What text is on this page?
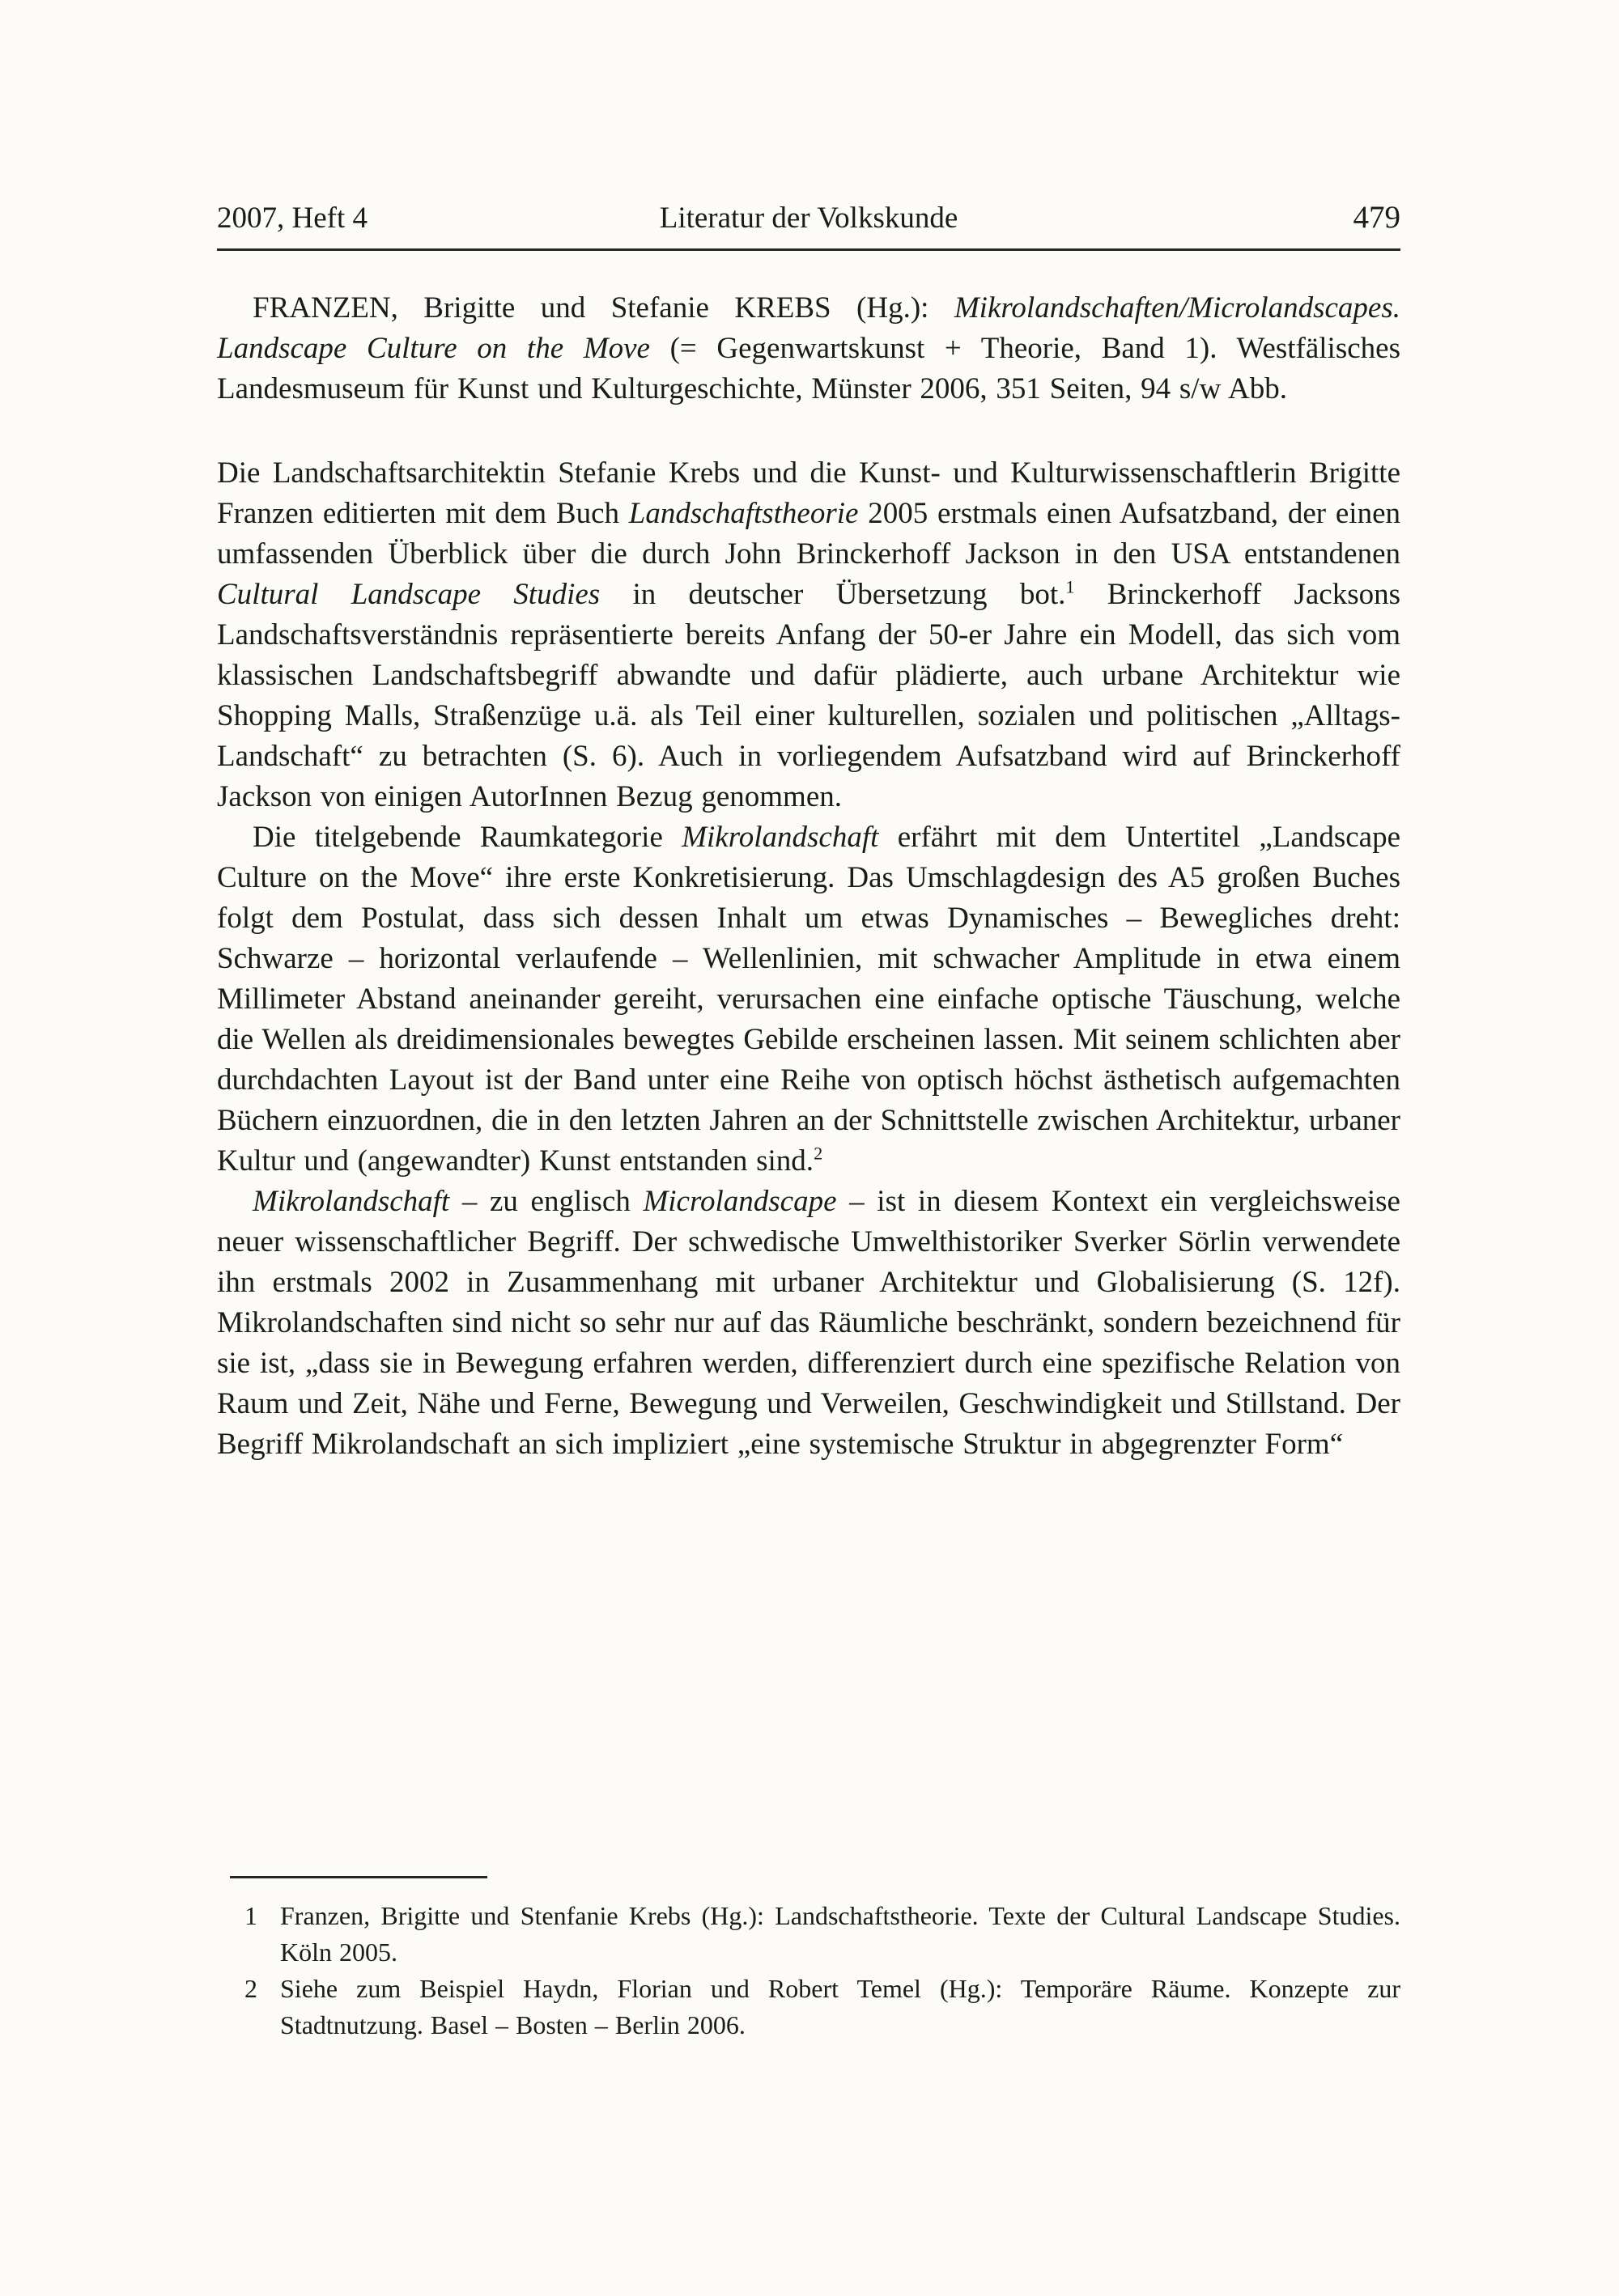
2007, Heft 4	Literatur der Volkskunde	479

FRANZEN, Brigitte und Stefanie KREBS (Hg.): Mikrolandschaften/Microlandscapes. Landscape Culture on the Move (= Gegenwartskunst + Theorie, Band 1). Westfälisches Landesmuseum für Kunst und Kulturgeschichte, Münster 2006, 351 Seiten, 94 s/w Abb.

Die Landschaftsarchitektin Stefanie Krebs und die Kunst- und Kulturwissenschaftlerin Brigitte Franzen editierten mit dem Buch Landschaftstheorie 2005 erstmals einen Aufsatzband, der einen umfassenden Überblick über die durch John Brinckerhoff Jackson in den USA entstandenen Cultural Landscape Studies in deutscher Übersetzung bot.$^1$ Brinckerhoff Jacksons Landschaftsverständnis repräsentierte bereits Anfang der 50-er Jahre ein Modell, das sich vom klassischen Landschaftsbegriff abwandte und dafür plädierte, auch urbane Architektur wie Shopping Malls, Straßenzüge u.ä. als Teil einer kulturellen, sozialen und politischen „Alltags-Landschaft“ zu betrachten (S. 6). Auch in vorliegendem Aufsatzband wird auf Brinckerhoff Jackson von einigen AutorInnen Bezug genommen.

Die titelgebende Raumkategorie Mikrolandschaft erfährt mit dem Untertitel „Landscape Culture on the Move“ ihre erste Konkretisierung. Das Umschlagdesign des A5 großen Buches folgt dem Postulat, dass sich dessen Inhalt um etwas Dynamisches – Bewegliches dreht: Schwarze – horizontal verlaufende – Wellenlinien, mit schwacher Amplitude in etwa einem Millimeter Abstand aneinander gereiht, verursachen eine einfache optische Täuschung, welche die Wellen als dreidimensionales bewegtes Gebilde erscheinen lassen. Mit seinem schlichten aber durchdachten Layout ist der Band unter eine Reihe von optisch höchst ästhetisch aufgemachten Büchern einzuordnen, die in den letzten Jahren an der Schnittstelle zwischen Architektur, urbaner Kultur und (angewandter) Kunst entstanden sind.$^2$

Mikrolandschaft – zu englisch Microlandscape – ist in diesem Kontext ein vergleichsweise neuer wissenschaftlicher Begriff. Der schwedische Umwelthistoriker Sverker Sörlin verwendete ihn erstmals 2002 in Zusammenhang mit urbaner Architektur und Globalisierung (S. 12f). Mikrolandschaften sind nicht so sehr nur auf das Räumliche beschränkt, sondern bezeichnend für sie ist, „dass sie in Bewegung erfahren werden, differenziert durch eine spezifische Relation von Raum und Zeit, Nähe und Ferne, Bewegung und Verweilen, Geschwindigkeit und Stillstand. Der Begriff Mikrolandschaft an sich impliziert „eine systemische Struktur in abgegrenzter Form“

1 Franzen, Brigitte und Stenfanie Krebs (Hg.): Landschaftstheorie. Texte der Cultural Landscape Studies. Köln 2005.
2 Siehe zum Beispiel Haydn, Florian und Robert Temel (Hg.): Temporäre Räume. Konzepte zur Stadtnutzung. Basel – Bosten – Berlin 2006.
